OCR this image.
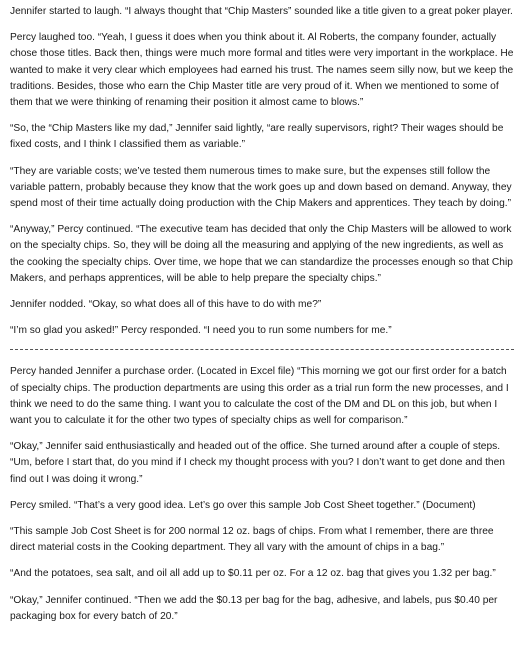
Jennifer started to laugh. “I always thought that “Chip Masters” sounded like a title given to a great poker player.

Percy laughed too. “Yeah, I guess it does when you think about it. Al Roberts, the company founder, actually chose those titles. Back then, things were much more formal and titles were very important in the workplace. He wanted to make it very clear which employees had earned his trust. The names seem silly now, but we keep the traditions. Besides, those who earn the Chip Master title are very proud of it. When we mentioned to some of them that we were thinking of renaming their position it almost came to blows.”

“So, the “Chip Masters like my dad,” Jennifer said lightly, “are really supervisors, right? Their wages should be fixed costs, and I think I classified them as variable.”

“They are variable costs; we’ve tested them numerous times to make sure, but the expenses still follow the variable pattern, probably because they know that the work goes up and down based on demand. Anyway, they spend most of their time actually doing production with the Chip Makers and apprentices. They teach by doing.”

“Anyway,” Percy continued. “The executive team has decided that only the Chip Masters will be allowed to work on the specialty chips. So, they will be doing all the measuring and applying of the new ingredients, as well as the cooking the specialty chips. Over time, we hope that we can standardize the processes enough so that Chip Makers, and perhaps apprentices, will be able to help prepare the specialty chips.”

Jennifer nodded. “Okay, so what does all of this have to do with me?”

“I’m so glad you asked!” Percy responded. “I need you to run some numbers for me.”

Percy handed Jennifer a purchase order. (Located in Excel file) “This morning we got our first order for a batch of specialty chips. The production departments are using this order as a trial run form the new processes, and I think we need to do the same thing. I want you to calculate the cost of the DM and DL on this job, but when I want you to calculate it for the other two types of specialty chips as well for comparison.”

“Okay,” Jennifer said enthusiastically and headed out of the office. She turned around after a couple of steps. “Um, before I start that, do you mind if I check my thought process with you? I don’t want to get done and then find out I was doing it wrong.”

Percy smiled. “That’s a very good idea. Let’s go over this sample Job Cost Sheet together.” (Document)

“This sample Job Cost Sheet is for 200 normal 12 oz. bags of chips. From what I remember, there are three direct material costs in the Cooking department. They all vary with the amount of chips in a bag.”

“And the potatoes, sea salt, and oil all add up to $0.11 per oz. For a 12 oz. bag that gives you 1.32 per bag.”

“Okay,” Jennifer continued. “Then we add the $0.13 per bag for the bag, adhesive, and labels, pus $0.40 per packaging box for every batch of 20.”
